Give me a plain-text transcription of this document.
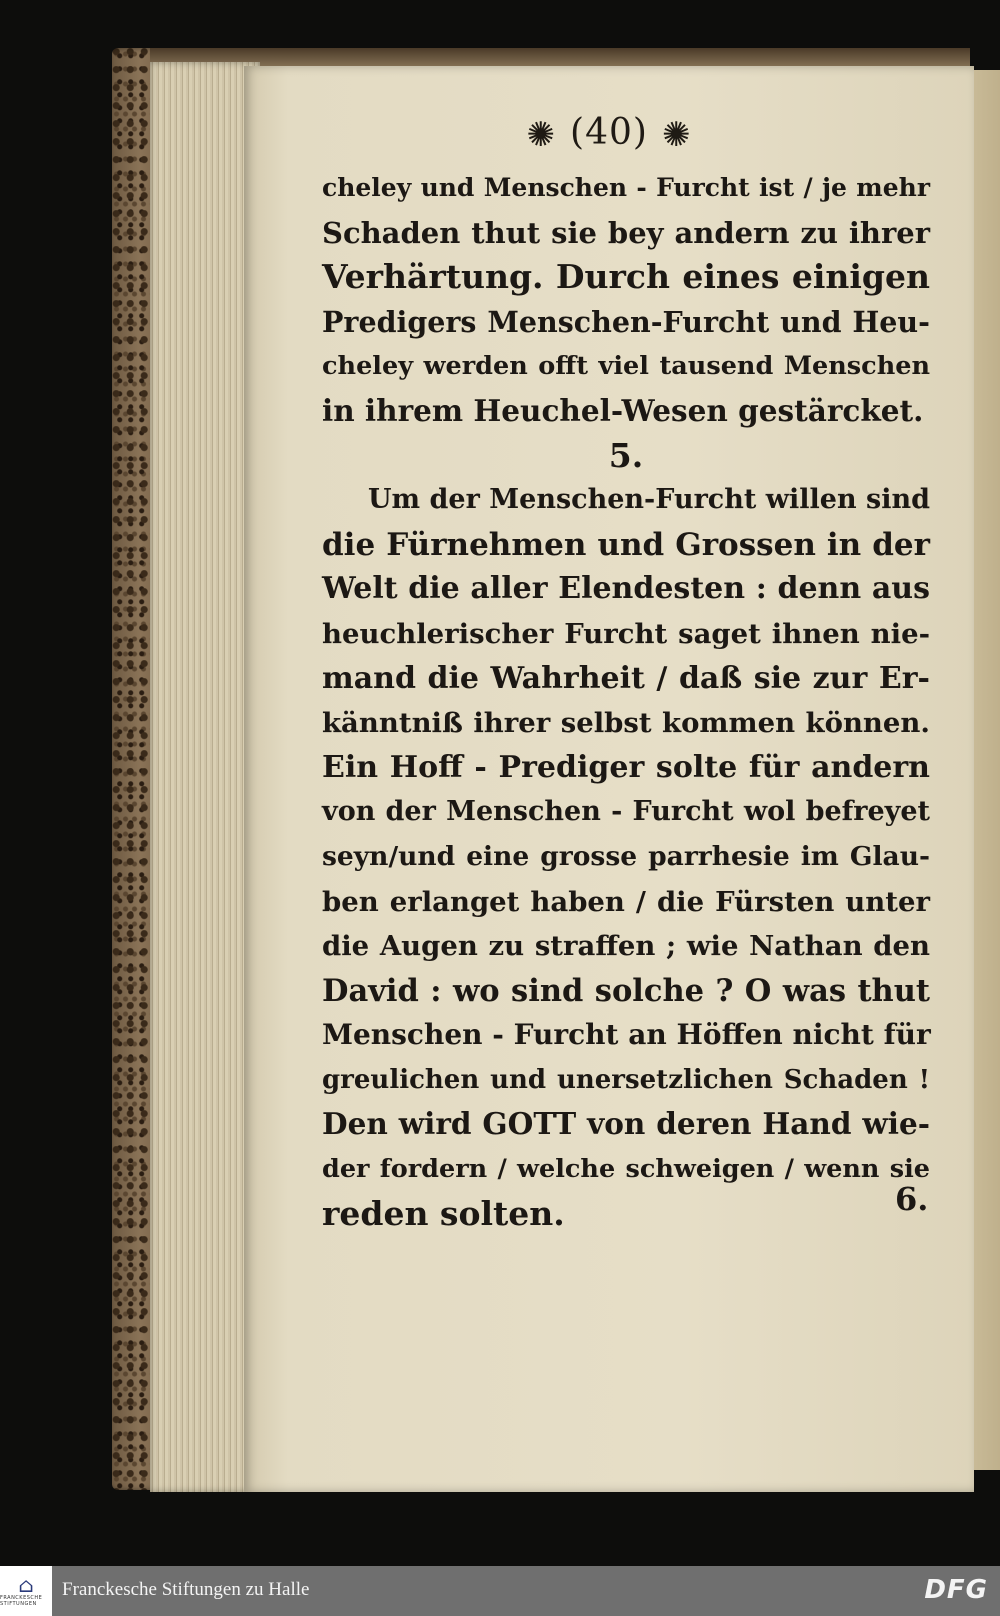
✺ (40) ✺
cheley und Menschen - Furcht ist / je mehr
Schaden thut sie bey andern zu ihrer
Verhärtung. Durch eines einigen
Predigers Menschen-Furcht und Heu-
cheley werden offt viel tausend Menschen
in ihrem Heuchel-Wesen gestärcket.
5.
Um der Menschen-Furcht willen sind
die Fürnehmen und Grossen in der
Welt die aller Elendesten : denn aus
heuchlerischer Furcht saget ihnen nie-
mand die Wahrheit / daß sie zur Er-
känntniß ihrer selbst kommen können.
Ein Hoff - Prediger solte für andern
von der Menschen - Furcht wol befreyet
seyn/und eine grosse parrhesie im Glau-
ben erlanget haben / die Fürsten unter
die Augen zu straffen ; wie Nathan den
David : wo sind solche ? O was thut
Menschen - Furcht an Höffen nicht für
greulichen und unersetzlichen Schaden !
Den wird GOTT von deren Hand wie-
der fordern / welche schweigen / wenn sie
reden solten.	6.
⌂
FRANCKESCHE STIFTUNGEN
Franckesche Stiftungen zu Halle	DFG
